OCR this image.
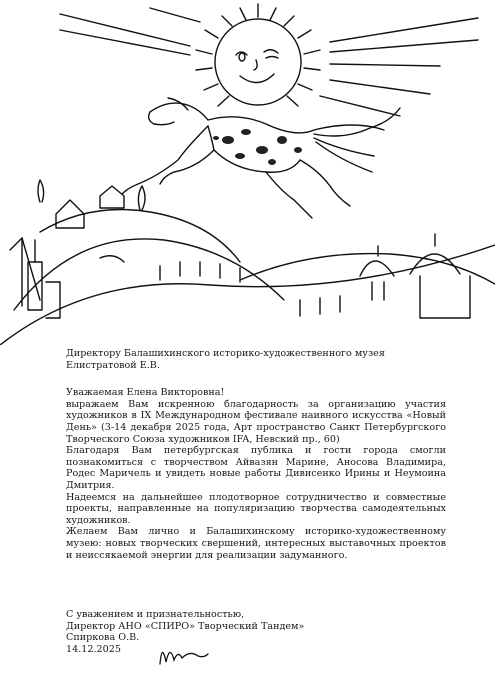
Директору Балашихинского историко-художественного музея
Елистратовой Е.В.

Уважаемая Елена Викторовна!

выражаем Вам искренною благодарность за организацию участия художников в IX Международном фестивале наивного искусства «Новый День» (3-14 декабря 2025 года, Арт пространство Санкт Петербургского Творческого Союза художников IFA, Невский пр., 60)

Благодаря Вам петербургская публика и гости города смогли познакомиться с творчеством Айвазян Марине, Аносова Владимира, Родес Маричель и увидеть новые работы Дивисенко Ирины и Неумоина Дмитрия.

Надеемся на дальнейшее плодотворное сотрудничество и совместные проекты, направленные на популяризацию творчества самодеятельных художников.

Желаем Вам лично и Балашихинскому историко-художественному музею: новых творческих свершений, интересных выставочных проектов и неиссякаемой энергии для реализации задуманного.

С уважением и признательностью,
Директор АНО «СПИРО» Творческий Тандем»
Спиркова О.В.
14.12.2025
